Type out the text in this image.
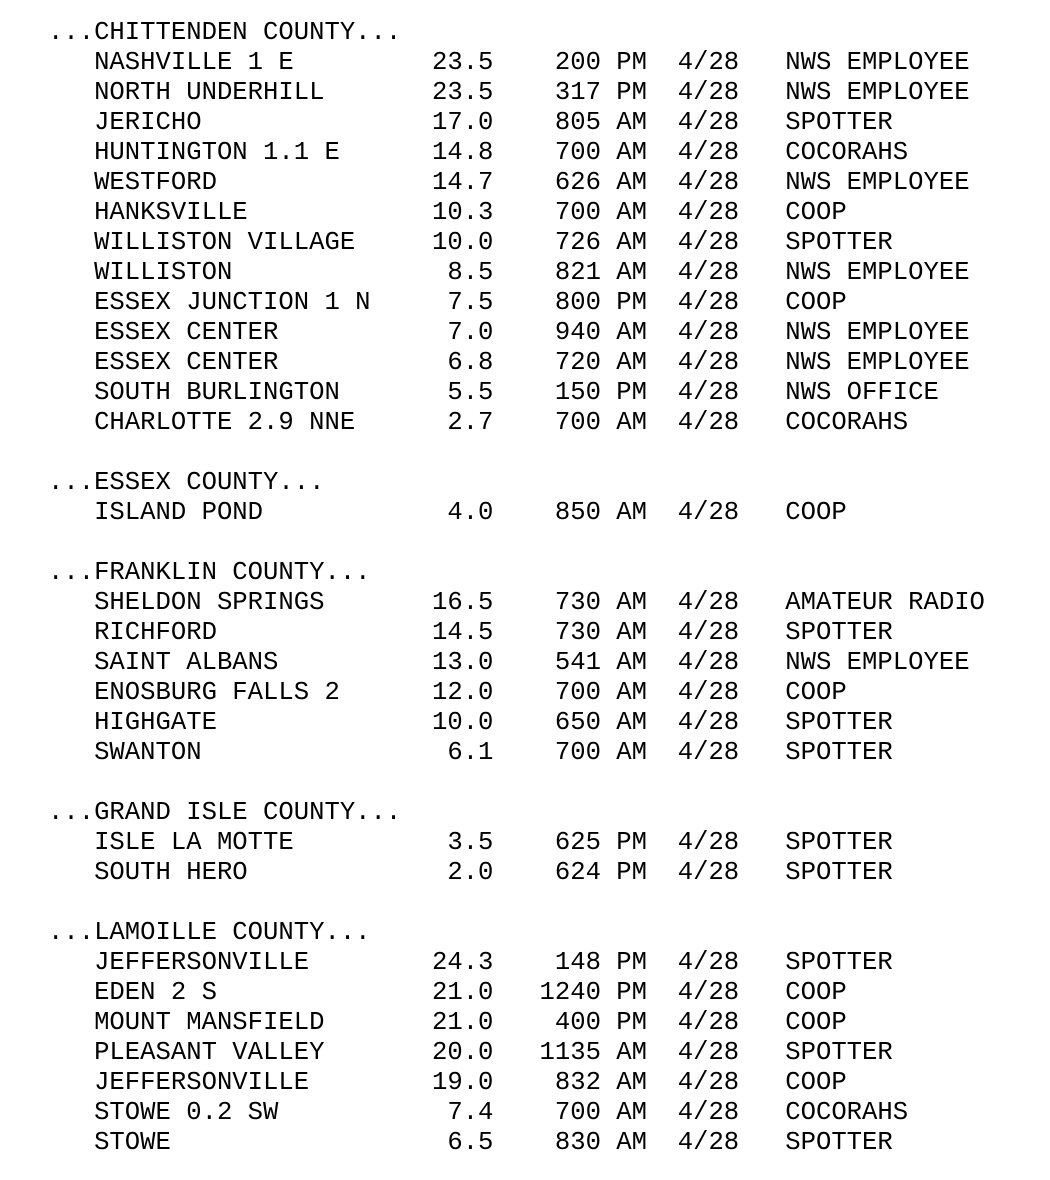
...CHITTENDEN COUNTY...
NASHVILLE 1 E	23.5 200 PM 4/28 NWS EMPLOYEE
NORTH UNDERHILL	23.5 317 PM 4/28 NWS EMPLOYEE
JERICHO	17.0 805 AM 4/28 SPOTTER
HUNTINGTON 1.1 E	14.8 700 AM 4/28 COCORAHS
WESTFORD	14.7 626 AM 4/28 NWS EMPLOYEE
HANKSVILLE	10.3 700 AM 4/28 COOP
WILLISTON VILLAGE	10.0 726 AM 4/28 SPOTTER
WILLISTON	8.5 821 AM 4/28 NWS EMPLOYEE
ESSEX JUNCTION 1 N	7.5 800 PM 4/28 COOP
ESSEX CENTER	7.0 940 AM 4/28 NWS EMPLOYEE
ESSEX CENTER	6.8 720 AM 4/28 NWS EMPLOYEE
SOUTH BURLINGTON	5.5 150 PM 4/28 NWS OFFICE
CHARLOTTE 2.9 NNE	2.7 700 AM 4/28 COCORAHS

...ESSEX COUNTY...
ISLAND POND	4.0 850 AM 4/28 COOP

...FRANKLIN COUNTY...
SHELDON SPRINGS	16.5 730 AM 4/28 AMATEUR RADIO
RICHFORD	14.5 730 AM 4/28 SPOTTER
SAINT ALBANS	13.0 541 AM 4/28 NWS EMPLOYEE
ENOSBURG FALLS 2	12.0 700 AM 4/28 COOP
HIGHGATE	10.0 650 AM 4/28 SPOTTER
SWANTON	6.1 700 AM 4/28 SPOTTER

...GRAND ISLE COUNTY...
ISLE LA MOTTE	3.5 625 PM 4/28 SPOTTER
SOUTH HERO	2.0 624 PM 4/28 SPOTTER

...LAMOILLE COUNTY...
JEFFERSONVILLE	24.3 148 PM 4/28 SPOTTER
EDEN 2 S	21.0 1240 PM 4/28 COOP
MOUNT MANSFIELD	21.0 400 PM 4/28 COOP
PLEASANT VALLEY	20.0 1135 AM 4/28 SPOTTER
JEFFERSONVILLE	19.0 832 AM 4/28 COOP
STOWE 0.2 SW	7.4 700 AM 4/28 COCORAHS
STOWE	6.5 830 AM 4/28 SPOTTER
